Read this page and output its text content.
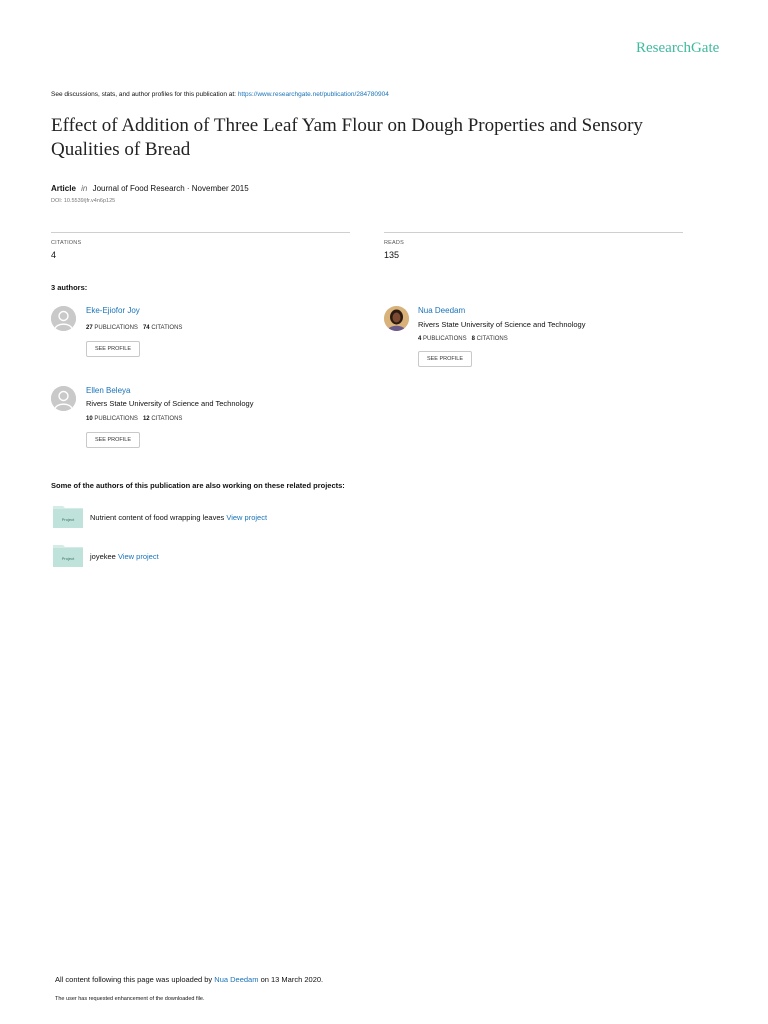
ResearchGate
See discussions, stats, and author profiles for this publication at: https://www.researchgate.net/publication/284780904
Effect of Addition of Three Leaf Yam Flour on Dough Properties and Sensory Qualities of Bread
Article in Journal of Food Research · November 2015
DOI: 10.5539/jfr.v4n6p125
CITATIONS
4
READS
135
3 authors:
Eke-Ejiofor Joy
27 PUBLICATIONS 74 CITATIONS
SEE PROFILE
Nua Deedam
Rivers State University of Science and Technology
4 PUBLICATIONS 8 CITATIONS
SEE PROFILE
Ellen Beleya
Rivers State University of Science and Technology
10 PUBLICATIONS 12 CITATIONS
SEE PROFILE
Some of the authors of this publication are also working on these related projects:
Project Nutrient content of food wrapping leaves View project
Project joyekee View project
All content following this page was uploaded by Nua Deedam on 13 March 2020.
The user has requested enhancement of the downloaded file.
